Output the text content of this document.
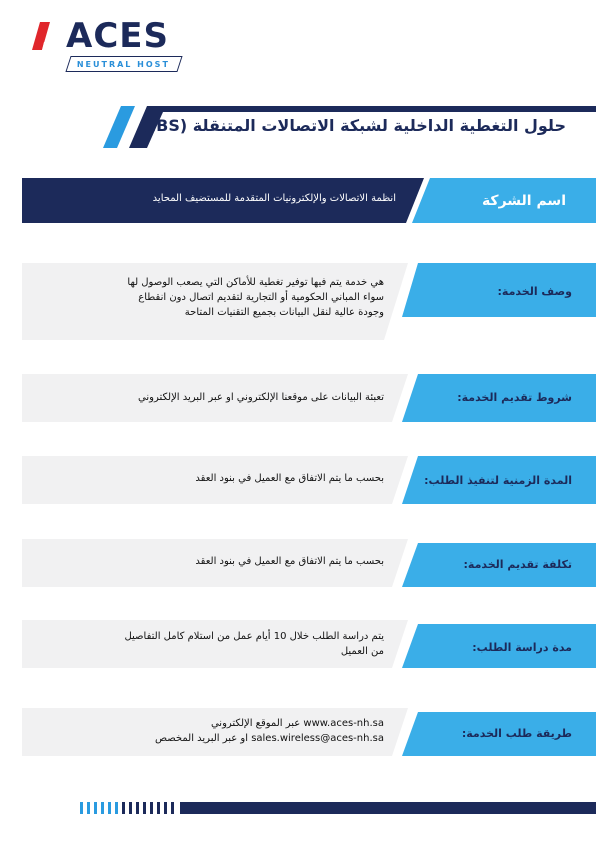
ACES
NEUTRAL HOST
حلول التغطية الداخلية لشبكة الاتصالات المتنقلة (IBS)
اسم الشركة
انظمة الاتصالات والإلكترونيات المتقدمة للمستضيف المحايد
وصف الخدمة:
هي خدمة يتم فيها توفير تغطية للأماكن التي يصعب الوصول لها
سواء المباني الحكومية أو التجارية لتقديم اتصال دون انقطاع
وجودة عالية لنقل البيانات بجميع التقنيات المتاحة
شروط تقديم الخدمة:
تعبئة البيانات على موقعنا الإلكتروني او عبر البريد الإلكتروني
المدة الزمنية لتنفيذ الطلب:
بحسب ما يتم الاتفاق مع العميل في بنود العقد
تكلفة تقديم الخدمة:
بحسب ما يتم الاتفاق مع العميل في بنود العقد
مدة دراسة الطلب:
يتم دراسة الطلب خلال 10 أيام عمل من استلام كامل التفاصيل
من العميل
طريقة طلب الخدمة:
www.aces-nh.sa عبر الموقع الإلكتروني
sales.wireless@aces-nh.sa او عبر البريد المخصص
